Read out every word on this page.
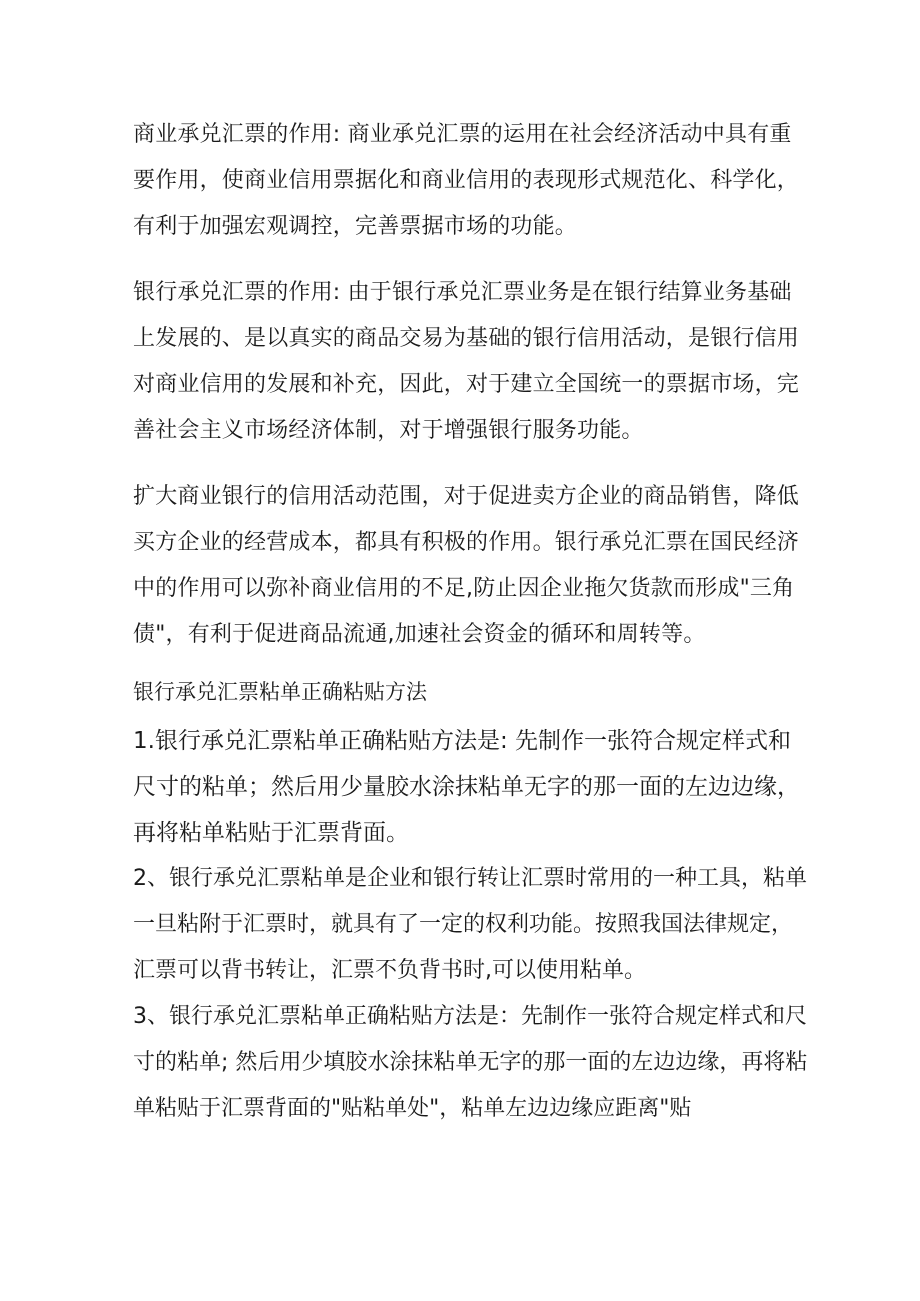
商业承兑汇票的作用: 商业承兑汇票的运用在社会经济活动中具有重要作用，使商业信用票据化和商业信用的表现形式规范化、科学化，有利于加强宏观调控，完善票据市场的功能。

银行承兑汇票的作用: 由于银行承兑汇票业务是在银行结算业务基础上发展的、是以真实的商品交易为基础的银行信用活动，是银行信用对商业信用的发展和补充，因此，对于建立全国统一的票据市场，完善社会主义市场经济体制，对于增强银行服务功能。

扩大商业银行的信用活动范围，对于促进卖方企业的商品销售，降低买方企业的经营成本，都具有积极的作用。银行承兑汇票在国民经济中的作用可以弥补商业信用的不足,防止因企业拖欠货款而形成"三角债"，有利于促进商品流通,加速社会资金的循环和周转等。

银行承兑汇票粘单正确粘贴方法

1.银行承兑汇票粘单正确粘贴方法是: 先制作一张符合规定样式和尺寸的粘单；然后用少量胶水涂抹粘单无字的那一面的左边边缘，再将粘单粘贴于汇票背面。

2、银行承兑汇票粘单是企业和银行转让汇票时常用的一种工具，粘单一旦粘附于汇票时，就具有了一定的权利功能。按照我国法律规定，汇票可以背书转让，汇票不负背书时,可以使用粘单。

3、银行承兑汇票粘单正确粘贴方法是：先制作一张符合规定样式和尺寸的粘单; 然后用少填胶水涂抹粘单无字的那一面的左边边缘，再将粘单粘贴于汇票背面的"贴粘单处"，粘单左边边缘应距离"贴
